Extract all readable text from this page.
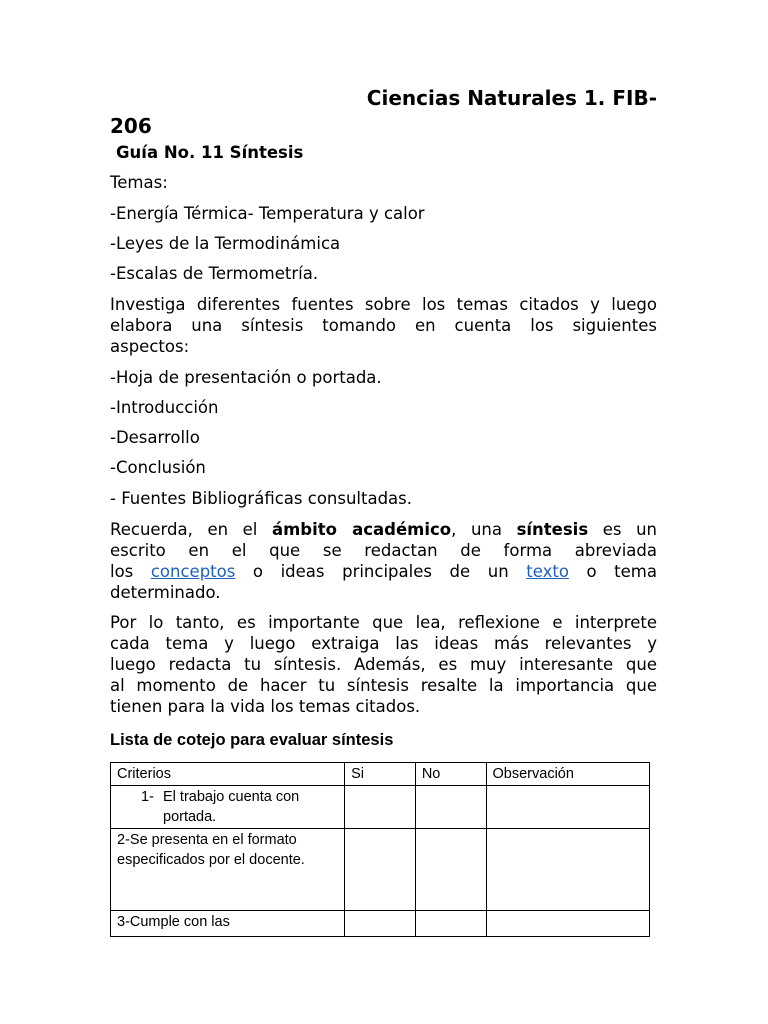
Ciencias Naturales 1. FIB-
206
Guía No. 11 Síntesis

Temas:

-Energía Térmica- Temperatura y calor

-Leyes de la Termodinámica

-Escalas de Termometría.

Investiga diferentes fuentes sobre los temas citados y luego
elabora una síntesis tomando en cuenta los siguientes
aspectos:

-Hoja de presentación o portada.

-Introducción

-Desarrollo

-Conclusión

- Fuentes Bibliográficas consultadas.

Recuerda, en el ámbito académico, una síntesis es un
escrito en el que se redactan de forma abreviada
los conceptos o ideas principales de un texto o tema
determinado.
Por lo tanto, es importante que lea, reflexione e interprete
cada tema y luego extraiga las ideas más relevantes y
luego redacta tu síntesis. Además, es muy interesante que
al momento de hacer tu síntesis resalte la importancia que
tienen para la vida los temas citados.
Lista de cotejo para evaluar síntesis
Criterios	Si	No	Observación

1- El trabajo cuenta con
portada.			

2-Se presenta en el formato especificados por el docente.			
3-Cumple con las			
